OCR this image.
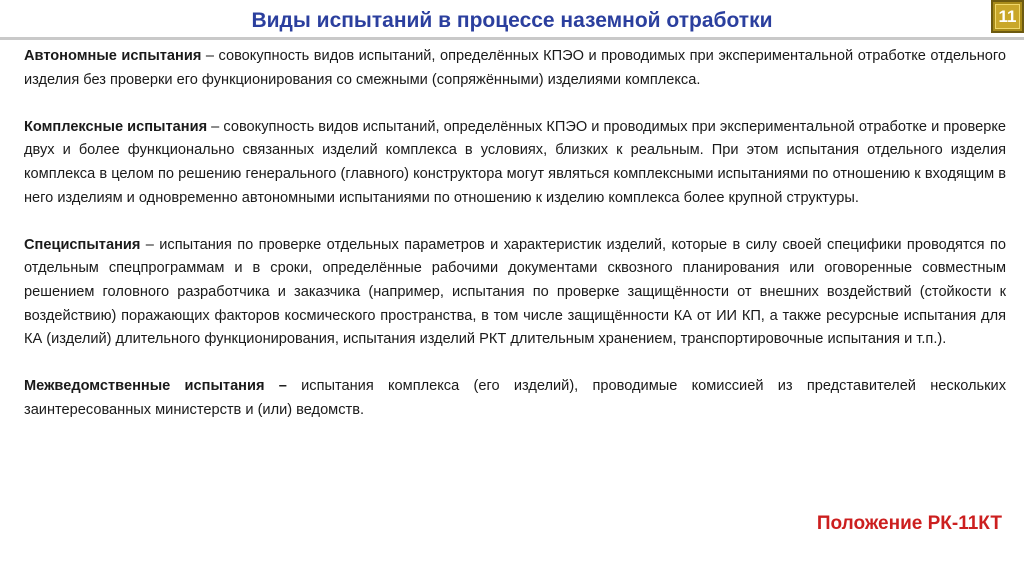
Виды испытаний в процессе наземной отработки	11

Автономные испытания – совокупность видов испытаний, определённых КПЭО и проводимых при экспериментальной отработке отдельного изделия без проверки его функционирования со смежными (сопряжёнными) изделиями комплекса.

Комплексные испытания – совокупность видов испытаний, определённых КПЭО и проводимых при экспериментальной отработке и проверке двух и более функционально связанных изделий комплекса в условиях, близких к реальным. При этом испытания отдельного изделия комплекса в целом по решению генерального (главного) конструктора могут являться комплексными испытаниями по отношению к входящим в него изделиям и одновременно автономными испытаниями по отношению к изделию комплекса более крупной структуры.

Специспытания – испытания по проверке отдельных параметров и характеристик изделий, которые в силу своей специфики проводятся по отдельным спецпрограммам и в сроки, определённые рабочими документами сквозного планирования или оговоренные совместным решением головного разработчика и заказчика (например, испытания по проверке защищённости от внешних воздействий (стойкости к воздействию) поражающих факторов космического пространства, в том числе защищённости КА от ИИ КП, а также ресурсные испытания для КА (изделий) длительного функционирования, испытания изделий РКТ длительным хранением, транспортировочные испытания и т.п.).

Межведомственные испытания – испытания комплекса (его изделий), проводимые комиссией из представителей нескольких заинтересованных министерств и (или) ведомств.

Положение РК-11КТ
